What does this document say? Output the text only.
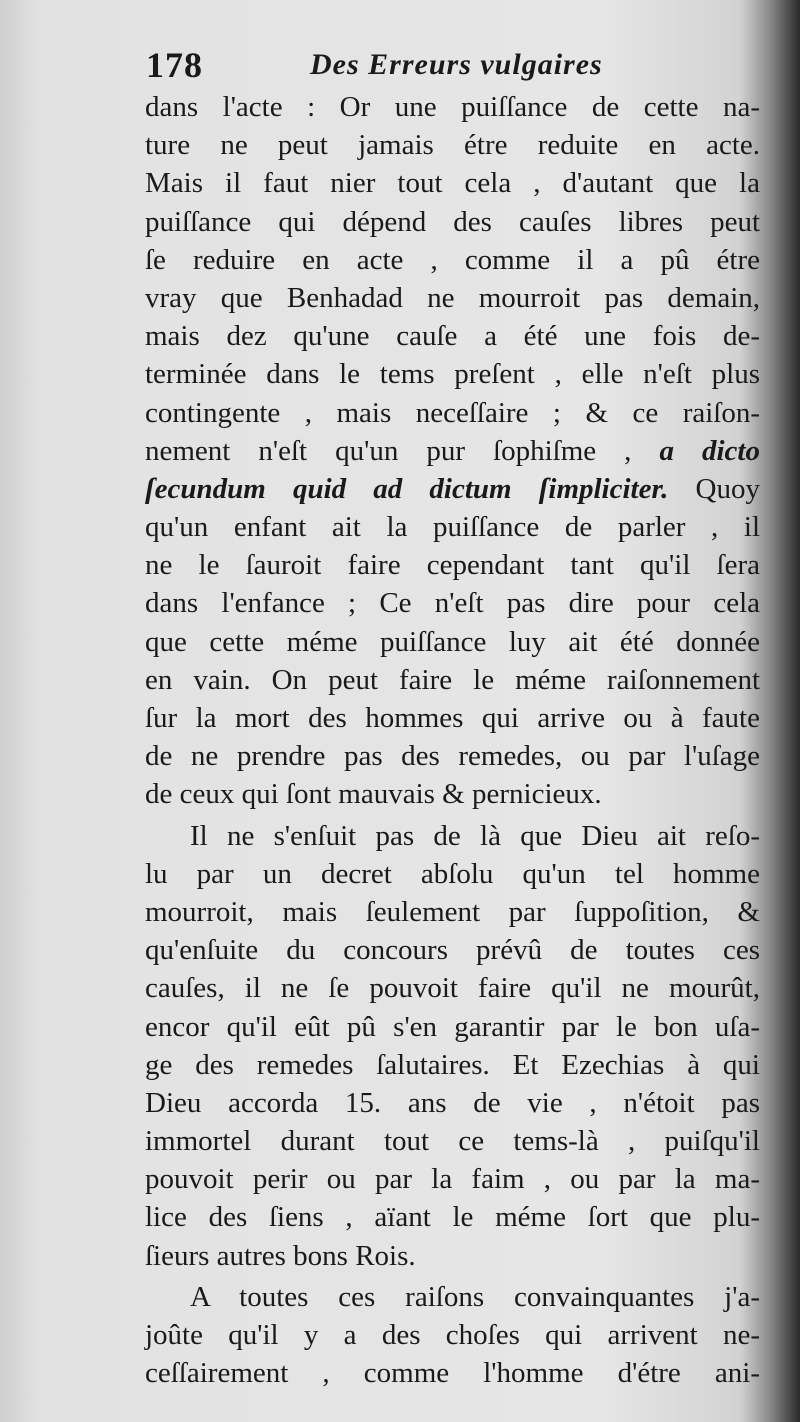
178	Des Erreurs vulgaires
dans l'acte : Or une puiſſance de cette na-
ture ne peut jamais étre reduite en acte.
Mais il faut nier tout cela , d'autant que la
puiſſance qui dépend des cauſes libres peut
ſe reduire en acte , comme il a pû étre
vray que Benhadad ne mourroit pas demain,
mais dez qu'une cauſe a été une fois de-
terminée dans le tems preſent , elle n'eſt plus
contingente , mais neceſſaire ; & ce raiſon-
nement n'eſt qu'un pur ſophiſme , a dicto
ſecundum quid ad dictum ſimpliciter. Quoy
qu'un enfant ait la puiſſance de parler , il
ne le ſauroit faire cependant tant qu'il ſera
dans l'enfance ; Ce n'eſt pas dire pour cela
que cette méme puiſſance luy ait été donnée
en vain. On peut faire le méme raiſonnement
ſur la mort des hommes qui arrive ou à faute
de ne prendre pas des remedes, ou par l'uſage
de ceux qui ſont mauvais & pernicieux.
Il ne s'enſuit pas de là que Dieu ait reſo-
lu par un decret abſolu qu'un tel homme
mourroit, mais ſeulement par ſuppoſition, &
qu'enſuite du concours prévû de toutes ces
cauſes, il ne ſe pouvoit faire qu'il ne mourût,
encor qu'il eût pû s'en garantir par le bon uſa-
ge des remedes ſalutaires. Et Ezechias à qui
Dieu accorda 15. ans de vie , n'étoit pas
immortel durant tout ce tems-là , puiſqu'il
pouvoit perir ou par la faim , ou par la ma-
lice des ſiens , aïant le méme ſort que plu-
ſieurs autres bons Rois.
A toutes ces raiſons convainquantes j'a-
joûte qu'il y a des choſes qui arrivent ne-
ceſſairement , comme l'homme d'étre ani-
